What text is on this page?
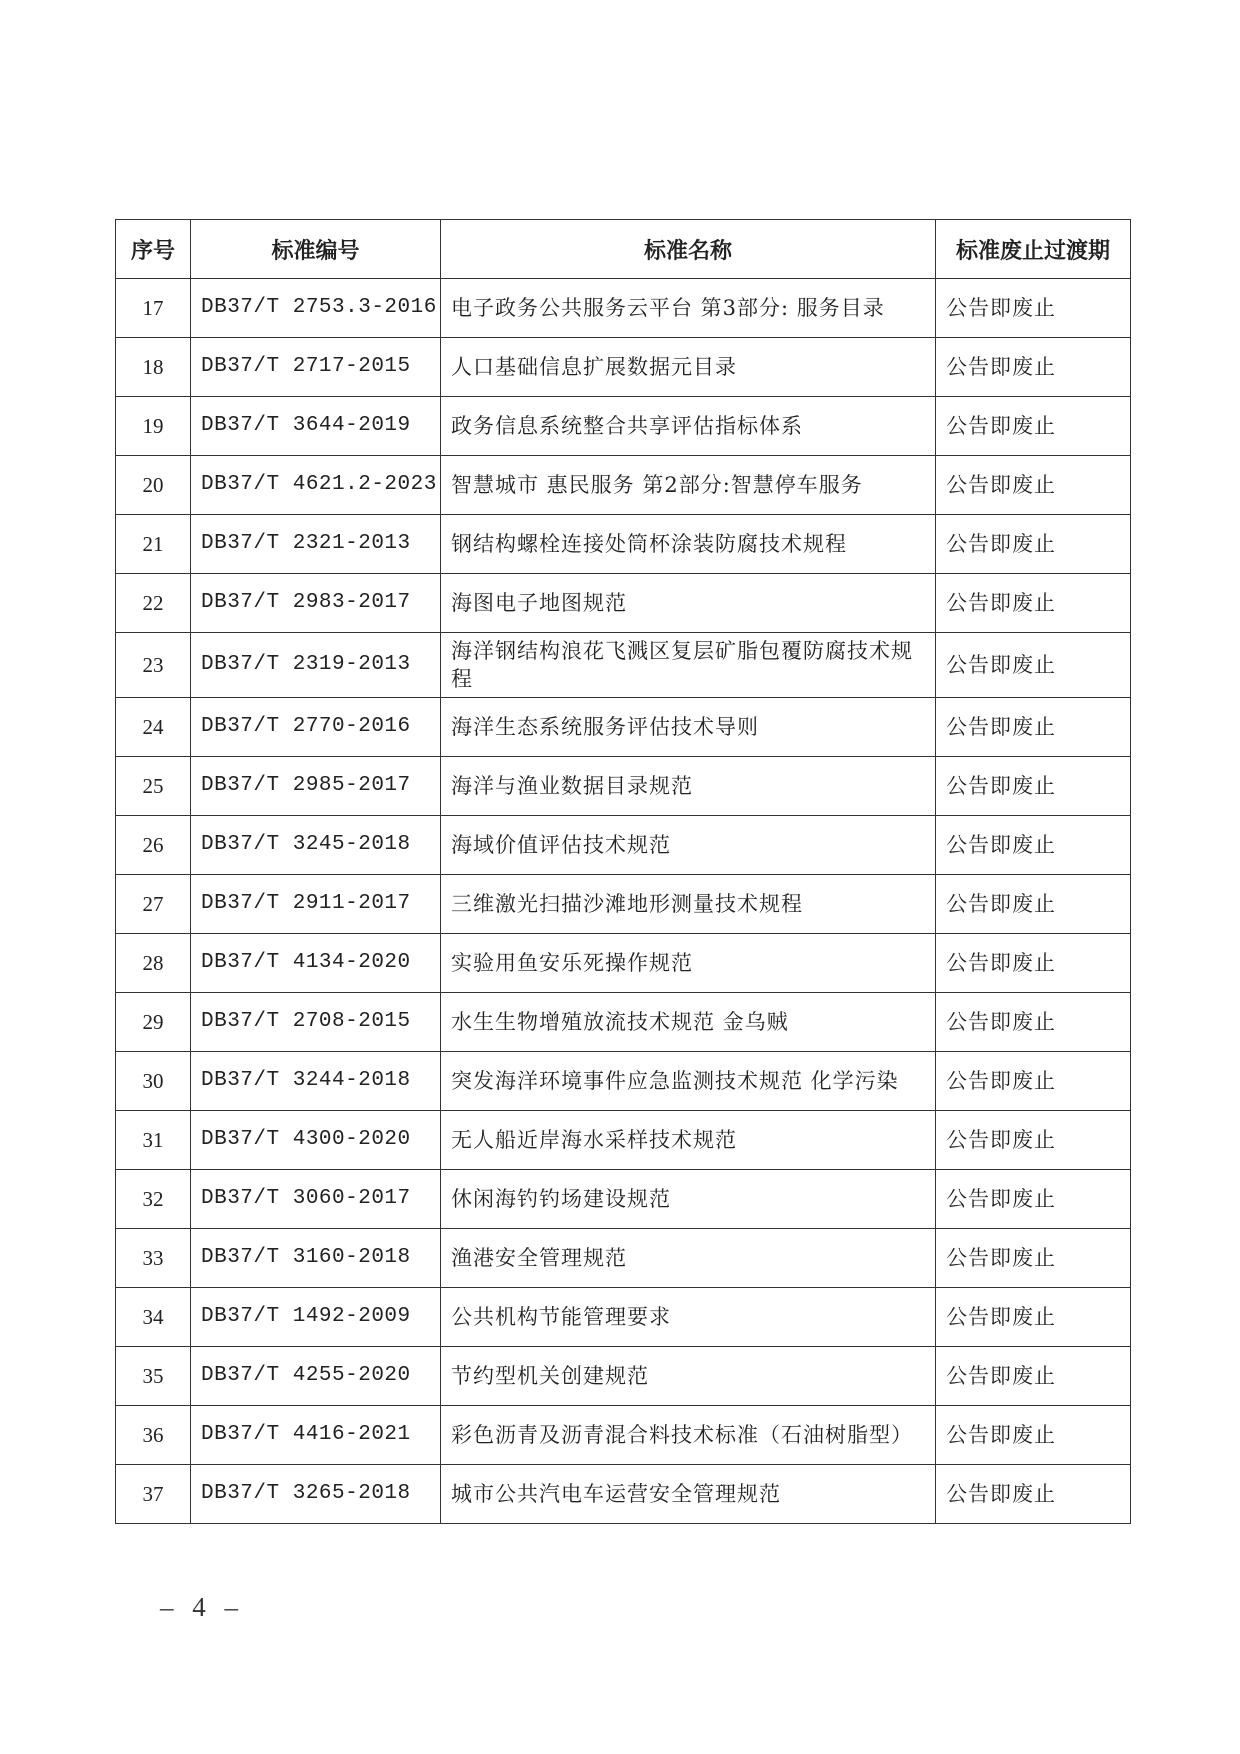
序号	标准编号	标准名称	标准废止过渡期
17	DB37/T 2753.3-2016	电子政务公共服务云平台 第3部分: 服务目录	公告即废止
18	DB37/T 2717-2015	人口基础信息扩展数据元目录	公告即废止
19	DB37/T 3644-2019	政务信息系统整合共享评估指标体系	公告即废止
20	DB37/T 4621.2-2023	智慧城市 惠民服务 第2部分:智慧停车服务	公告即废止
21	DB37/T 2321-2013	钢结构螺栓连接处筒杯涂装防腐技术规程	公告即废止
22	DB37/T 2983-2017	海图电子地图规范	公告即废止
23	DB37/T 2319-2013	海洋钢结构浪花飞溅区复层矿脂包覆防腐技术规程	公告即废止
24	DB37/T 2770-2016	海洋生态系统服务评估技术导则	公告即废止
25	DB37/T 2985-2017	海洋与渔业数据目录规范	公告即废止
26	DB37/T 3245-2018	海域价值评估技术规范	公告即废止
27	DB37/T 2911-2017	三维激光扫描沙滩地形测量技术规程	公告即废止
28	DB37/T 4134-2020	实验用鱼安乐死操作规范	公告即废止
29	DB37/T 2708-2015	水生生物增殖放流技术规范 金乌贼	公告即废止
30	DB37/T 3244-2018	突发海洋环境事件应急监测技术规范 化学污染	公告即废止
31	DB37/T 4300-2020	无人船近岸海水采样技术规范	公告即废止
32	DB37/T 3060-2017	休闲海钓钓场建设规范	公告即废止
33	DB37/T 3160-2018	渔港安全管理规范	公告即废止
34	DB37/T 1492-2009	公共机构节能管理要求	公告即废止
35	DB37/T 4255-2020	节约型机关创建规范	公告即废止
36	DB37/T 4416-2021	彩色沥青及沥青混合料技术标准（石油树脂型）	公告即废止
37	DB37/T 3265-2018	城市公共汽电车运营安全管理规范	公告即废止
– 4 –
